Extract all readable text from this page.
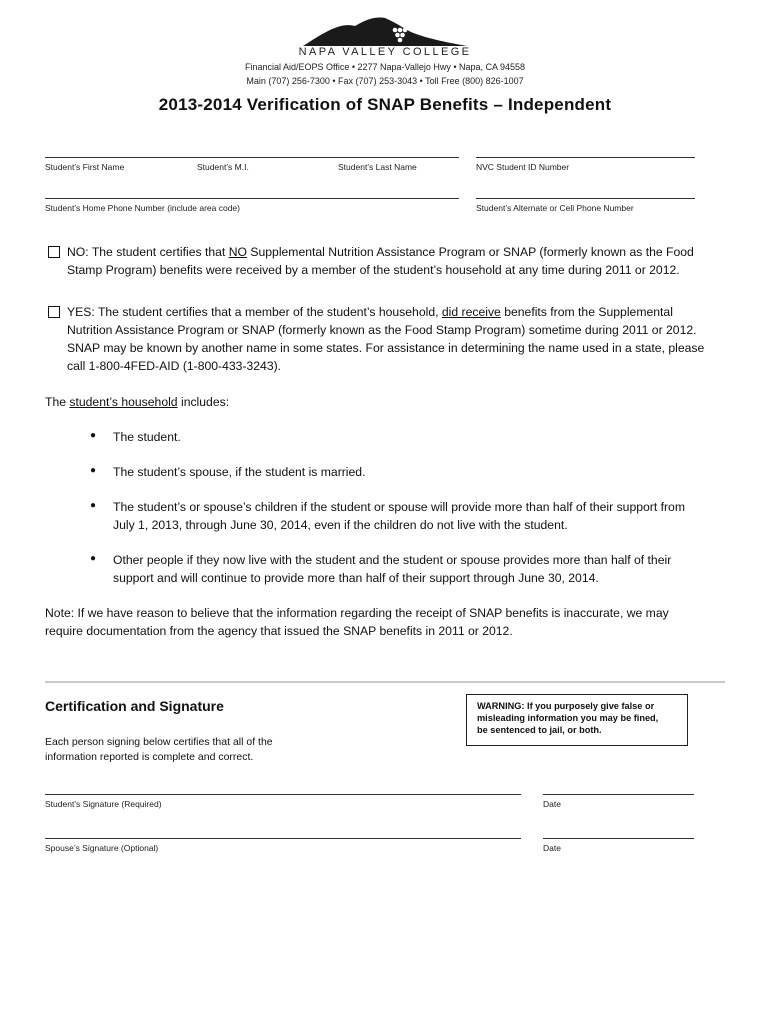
NAPA VALLEY COLLEGE
Financial Aid/EOPS Office • 2277 Napa-Vallejo Hwy • Napa, CA 94558
Main (707) 256-7300 • Fax (707) 253-3043 • Toll Free (800) 826-1007
2013-2014 Verification of SNAP Benefits – Independent
Student’s First Name	Student’s M.I.	Student’s Last Name	NVC Student ID Number
Student’s Home Phone Number (include area code)	Student’s Alternate or Cell Phone Number
NO: The student certifies that NO Supplemental Nutrition Assistance Program or SNAP (formerly known as the Food
Stamp Program) benefits were received by a member of the student’s household at any time during 2011 or 2012.
YES: The student certifies that a member of the student’s household, did receive benefits from the Supplemental
Nutrition Assistance Program or SNAP (formerly known as the Food Stamp Program) sometime during 2011 or 2012.
SNAP may be known by another name in some states. For assistance in determining the name used in a state, please
call 1-800-4FED-AID (1-800-433-3243).
The student’s household includes:
● The student.
● The student’s spouse, if the student is married.
● The student’s or spouse’s children if the student or spouse will provide more than half of their support from
July 1, 2013, through June 30, 2014, even if the children do not live with the student.
● Other people if they now live with the student and the student or spouse provides more than half of their
support and will continue to provide more than half of their support through June 30, 2014.
Note: If we have reason to believe that the information regarding the receipt of SNAP benefits is inaccurate, we may
require documentation from the agency that issued the SNAP benefits in 2011 or 2012.
Certification and Signature	WARNING: If you purposely give false or
misleading information you may be fined,
be sentenced to jail, or both.
Each person signing below certifies that all of the
information reported is complete and correct.
Student’s Signature (Required)	Date
Spouse’s Signature (Optional)	Date
